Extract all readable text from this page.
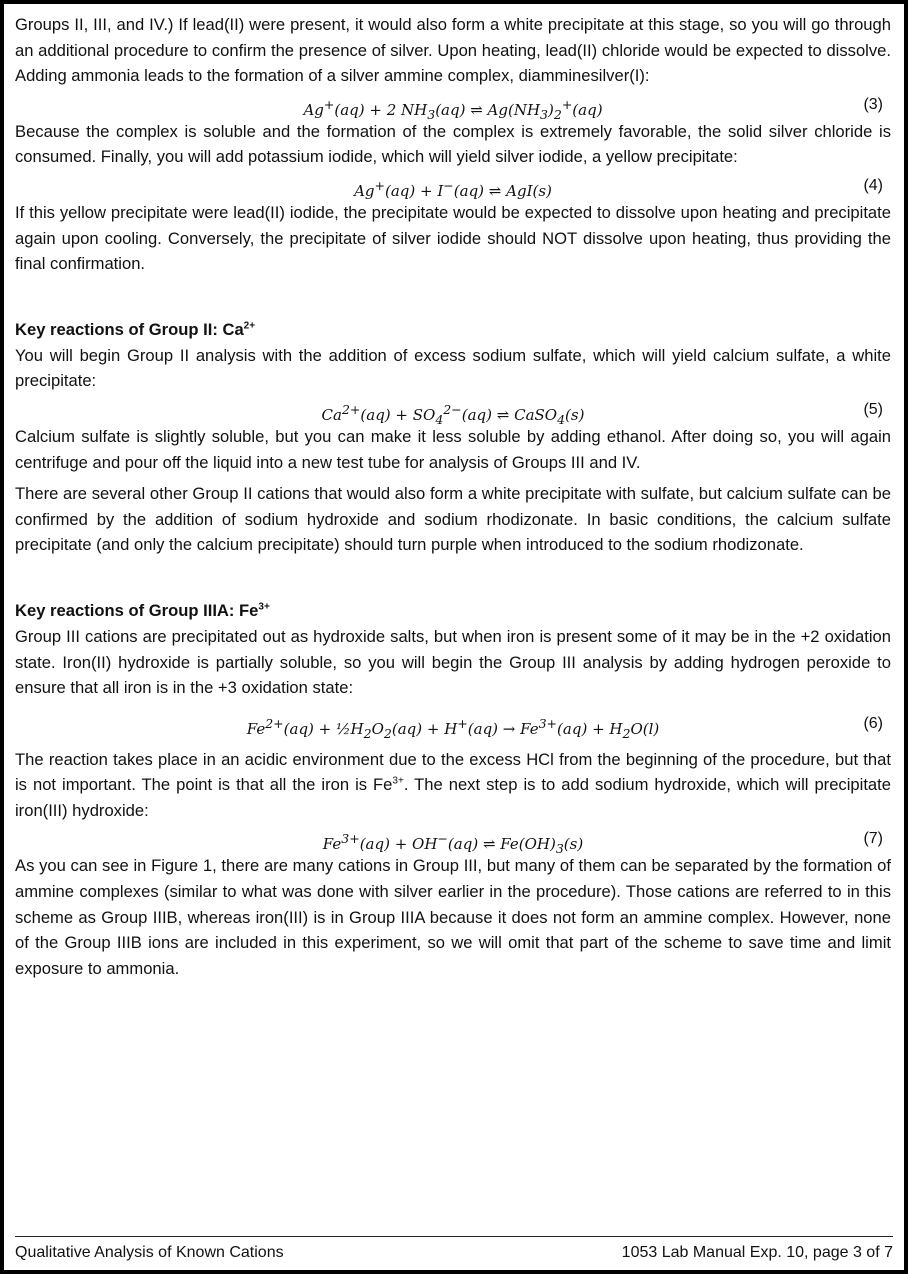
Groups II, III, and IV.) If lead(II) were present, it would also form a white precipitate at this stage, so you will go through an additional procedure to confirm the presence of silver. Upon heating, lead(II) chloride would be expected to dissolve. Adding ammonia leads to the formation of a silver ammine complex, diamminesilver(I):

Ag+(aq) + 2 $NH_3(aq)$ ⇌ $Ag(NH_3)_2^+(aq)$	(3)

Because the complex is soluble and the formation of the complex is extremely favorable, the solid silver chloride is consumed. Finally, you will add potassium iodide, which will yield silver iodide, a yellow precipitate:

Ag+(aq) + I−(aq) ⇌ AgI(s)	(4)

If this yellow precipitate were lead(II) iodide, the precipitate would be expected to dissolve upon heating and precipitate again upon cooling. Conversely, the precipitate of silver iodide should NOT dissolve upon heating, thus providing the final confirmation.

Key reactions of Group II: $Ca^{2+}$

You will begin Group II analysis with the addition of excess sodium sulfate, which will yield calcium sulfate, a white precipitate:

$Ca^{2+}(aq) + SO_4^{2-}(aq)$ ⇌ CaSO$_4$(s)	(5)

Calcium sulfate is slightly soluble, but you can make it less soluble by adding ethanol. After doing so, you will again centrifuge and pour off the liquid into a new test tube for analysis of Groups III and IV.

There are several other Group II cations that would also form a white precipitate with sulfate, but calcium sulfate can be confirmed by the addition of sodium hydroxide and sodium rhodizonate. In basic conditions, the calcium sulfate precipitate (and only the calcium precipitate) should turn purple when introduced to the sodium rhodizonate.

Key reactions of Group IIIA: $Fe^{3+}$

Group III cations are precipitated out as hydroxide salts, but when iron is present some of it may be in the +2 oxidation state. Iron(II) hydroxide is partially soluble, so you will begin the Group III analysis by adding hydrogen peroxide to ensure that all iron is in the +3 oxidation state:

$Fe^{2+}(aq)$ + $\frac{1}{2}H_2O_2(aq) + H^+(aq) \to Fe^{3+}(aq) + H_2O(l)$	(6)

The reaction takes place in an acidic environment due to the excess HCl from the beginning of the procedure, but that is not important. The point is that all the iron is $Fe^{3+}$. The next step is to add sodium hydroxide, which will precipitate iron(III) hydroxide:

$Fe^{3+}(aq) + OH^-(aq)$ ⇌ $Fe(OH)_3(s)$	(7)

As you can see in Figure 1, there are many cations in Group III, but many of them can be separated by the formation of ammine complexes (similar to what was done with silver earlier in the procedure). Those cations are referred to in this scheme as Group IIIB, whereas iron(III) is in Group IIIA because it does not form an ammine complex. However, none of the Group IIIB ions are included in this experiment, so we will omit that part of the scheme to save time and limit exposure to ammonia.

Qualitative Analysis of Known Cations	1053 Lab Manual Exp. 10, page 3 of 7
